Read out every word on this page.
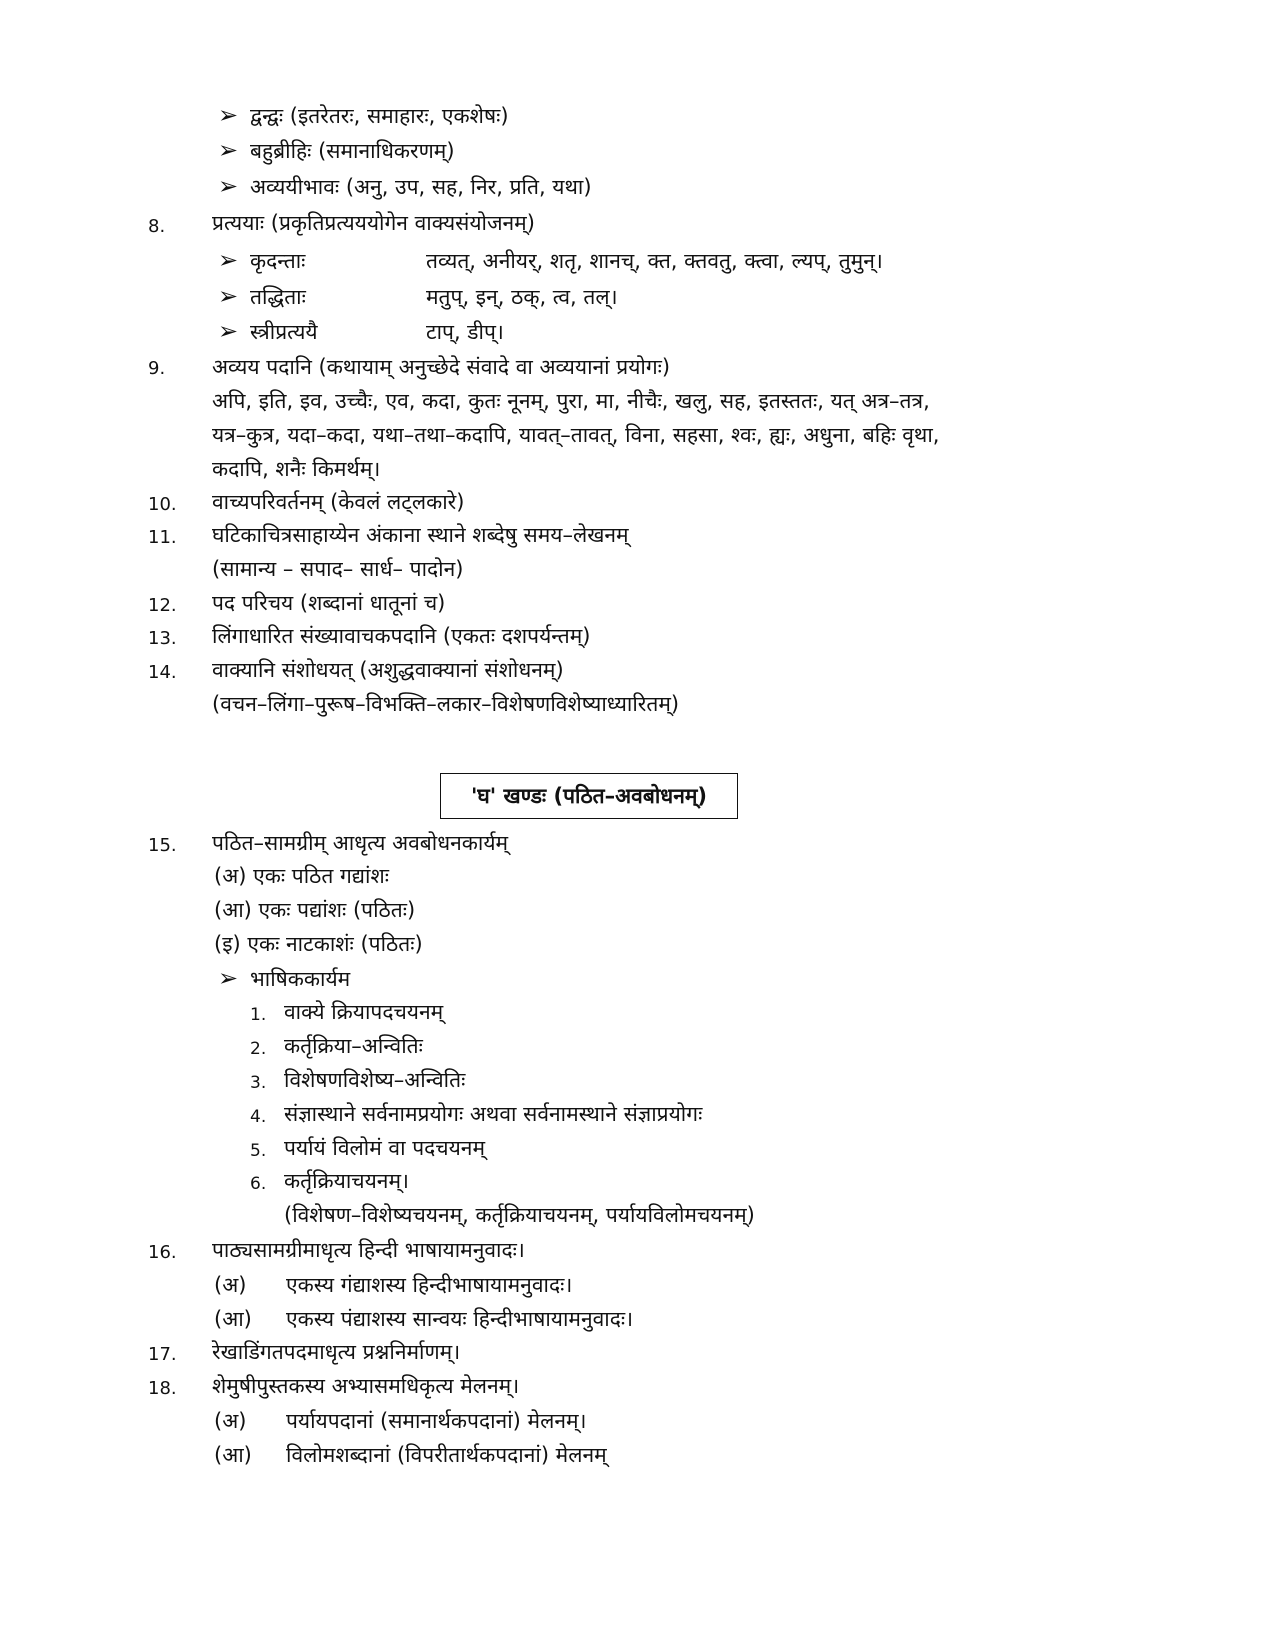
➢ द्वन्द्वः (इतरेतरः, समाहारः, एकशेषः)
➢ बहुब्रीहिः (समानाधिकरणम्)
➢ अव्ययीभावः (अनु, उप, सह, निर, प्रति, यथा)
8. प्रत्ययाः (प्रकृतिप्रत्यययोगेन वाक्यसंयोजनम्)
➢ कृदन्ताः	तव्यत्, अनीयर्, शतृ, शानच्, क्त, क्तवतु, क्त्वा, ल्यप्, तुमुन्।
➢ तद्धिताः	मतुप्, इन्, ठक्, त्व, तल्।
➢ स्त्रीप्रत्ययै	टाप्, डीप्।
9. अव्यय पदानि (कथायाम् अनुच्छेदे संवादे वा अव्ययानां प्रयोगः)
अपि, इति, इव, उच्चैः, एव, कदा, कुतः नूनम्, पुरा, मा, नीचैः, खलु, सह, इतस्ततः, यत् अत्र–तत्र,
यत्र–कुत्र, यदा–कदा, यथा–तथा–कदापि, यावत्–तावत्, विना, सहसा, श्वः, ह्यः, अधुना, बहिः वृथा,
कदापि, शनैः किमर्थम्।
10. वाच्यपरिवर्तनम् (केवलं लट्लकारे)
11. घटिकाचित्रसाहाय्येन अंकाना स्थाने शब्देषु समय–लेखनम्
(सामान्य – सपाद– सार्ध– पादोन)
12. पद परिचय (शब्दानां धातूनां च)
13. लिंगाधारित संख्यावाचकपदानि (एकतः दशपर्यन्तम्)
14. वाक्यानि संशोधयत् (अशुद्धवाक्यानां संशोधनम्)
(वचन–लिंगा–पुरूष–विभक्ति–लकार–विशेषणविशेष्याध्यारितम्)
'घ' खण्डः (पठित–अवबोधनम्)
15. पठित–सामग्रीम् आधृत्य अवबोधनकार्यम्
(अ) एकः पठित गद्यांशः
(आ) एकः पद्यांशः (पठितः)
(इ) एकः नाटकाशंः (पठितः)
➢ भाषिककार्यम
1. वाक्ये क्रियापदचयनम्
2. कर्तृक्रिया–अन्वितिः
3. विशेषणविशेष्य–अन्वितिः
4. संज्ञास्थाने सर्वनामप्रयोगः अथवा सर्वनामस्थाने संज्ञाप्रयोगः
5. पर्यायं विलोमं वा पदचयनम्
6. कर्तृक्रियाचयनम्।
(विशेषण–विशेष्यचयनम्, कर्तृक्रियाचयनम्, पर्यायविलोमचयनम्)
16. पाठ्यसामग्रीमाधृत्य हिन्दी भाषायामनुवादः।
(अ) एकस्य गंद्याशस्य हिन्दीभाषायामनुवादः।
(आ) एकस्य पंद्याशस्य सान्वयः हिन्दीभाषायामनुवादः।
17. रेखाडिंगतपदमाधृत्य प्रश्ननिर्माणम्।
18. शेमुषीपुस्तकस्य अभ्यासमधिकृत्य मेलनम्।
(अ) पर्यायपदानां (समानार्थकपदानां) मेलनम्।
(आ) विलोमशब्दानां (विपरीतार्थकपदानां) मेलनम्
